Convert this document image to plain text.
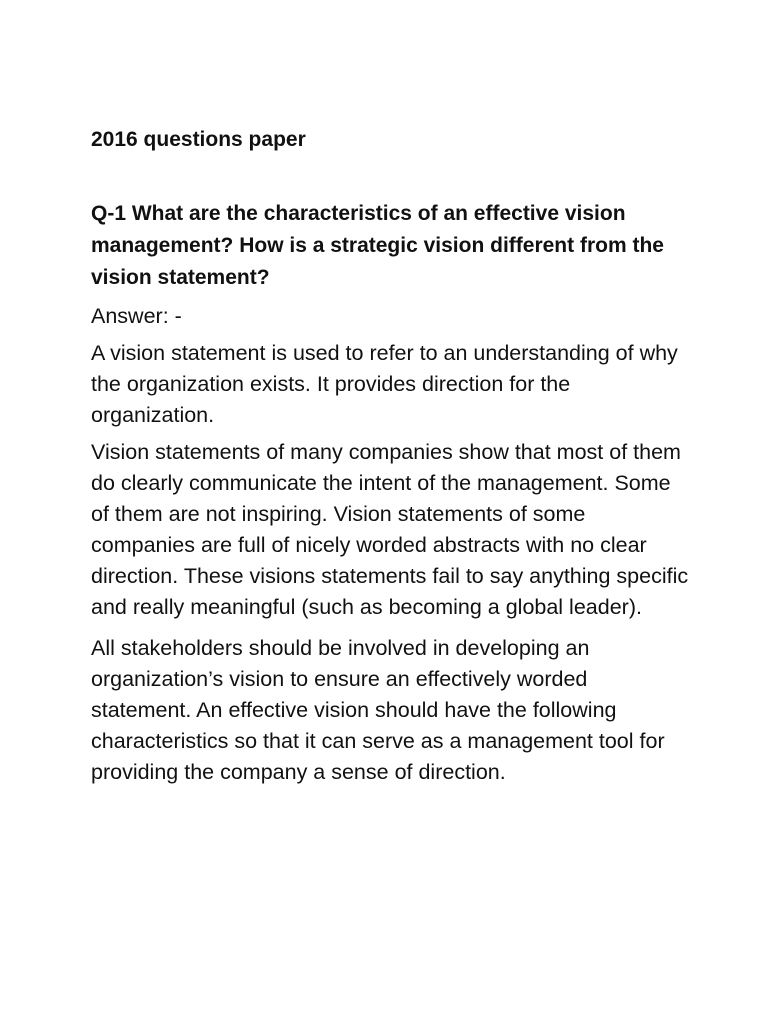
2016 questions paper

Q-1 What are the characteristics of an effective vision management? How is a strategic vision different from the vision statement?

Answer: -

A vision statement is used to refer to an understanding of why the organization exists. It provides direction for the organization.

Vision statements of many companies show that most of them do clearly communicate the intent of the management. Some of them are not inspiring. Vision statements of some companies are full of nicely worded abstracts with no clear direction. These visions statements fail to say anything specific and really meaningful (such as becoming a global leader).

All stakeholders should be involved in developing an organization’s vision to ensure an effectively worded statement. An effective vision should have the following characteristics so that it can serve as a management tool for providing the company a sense of direction.
